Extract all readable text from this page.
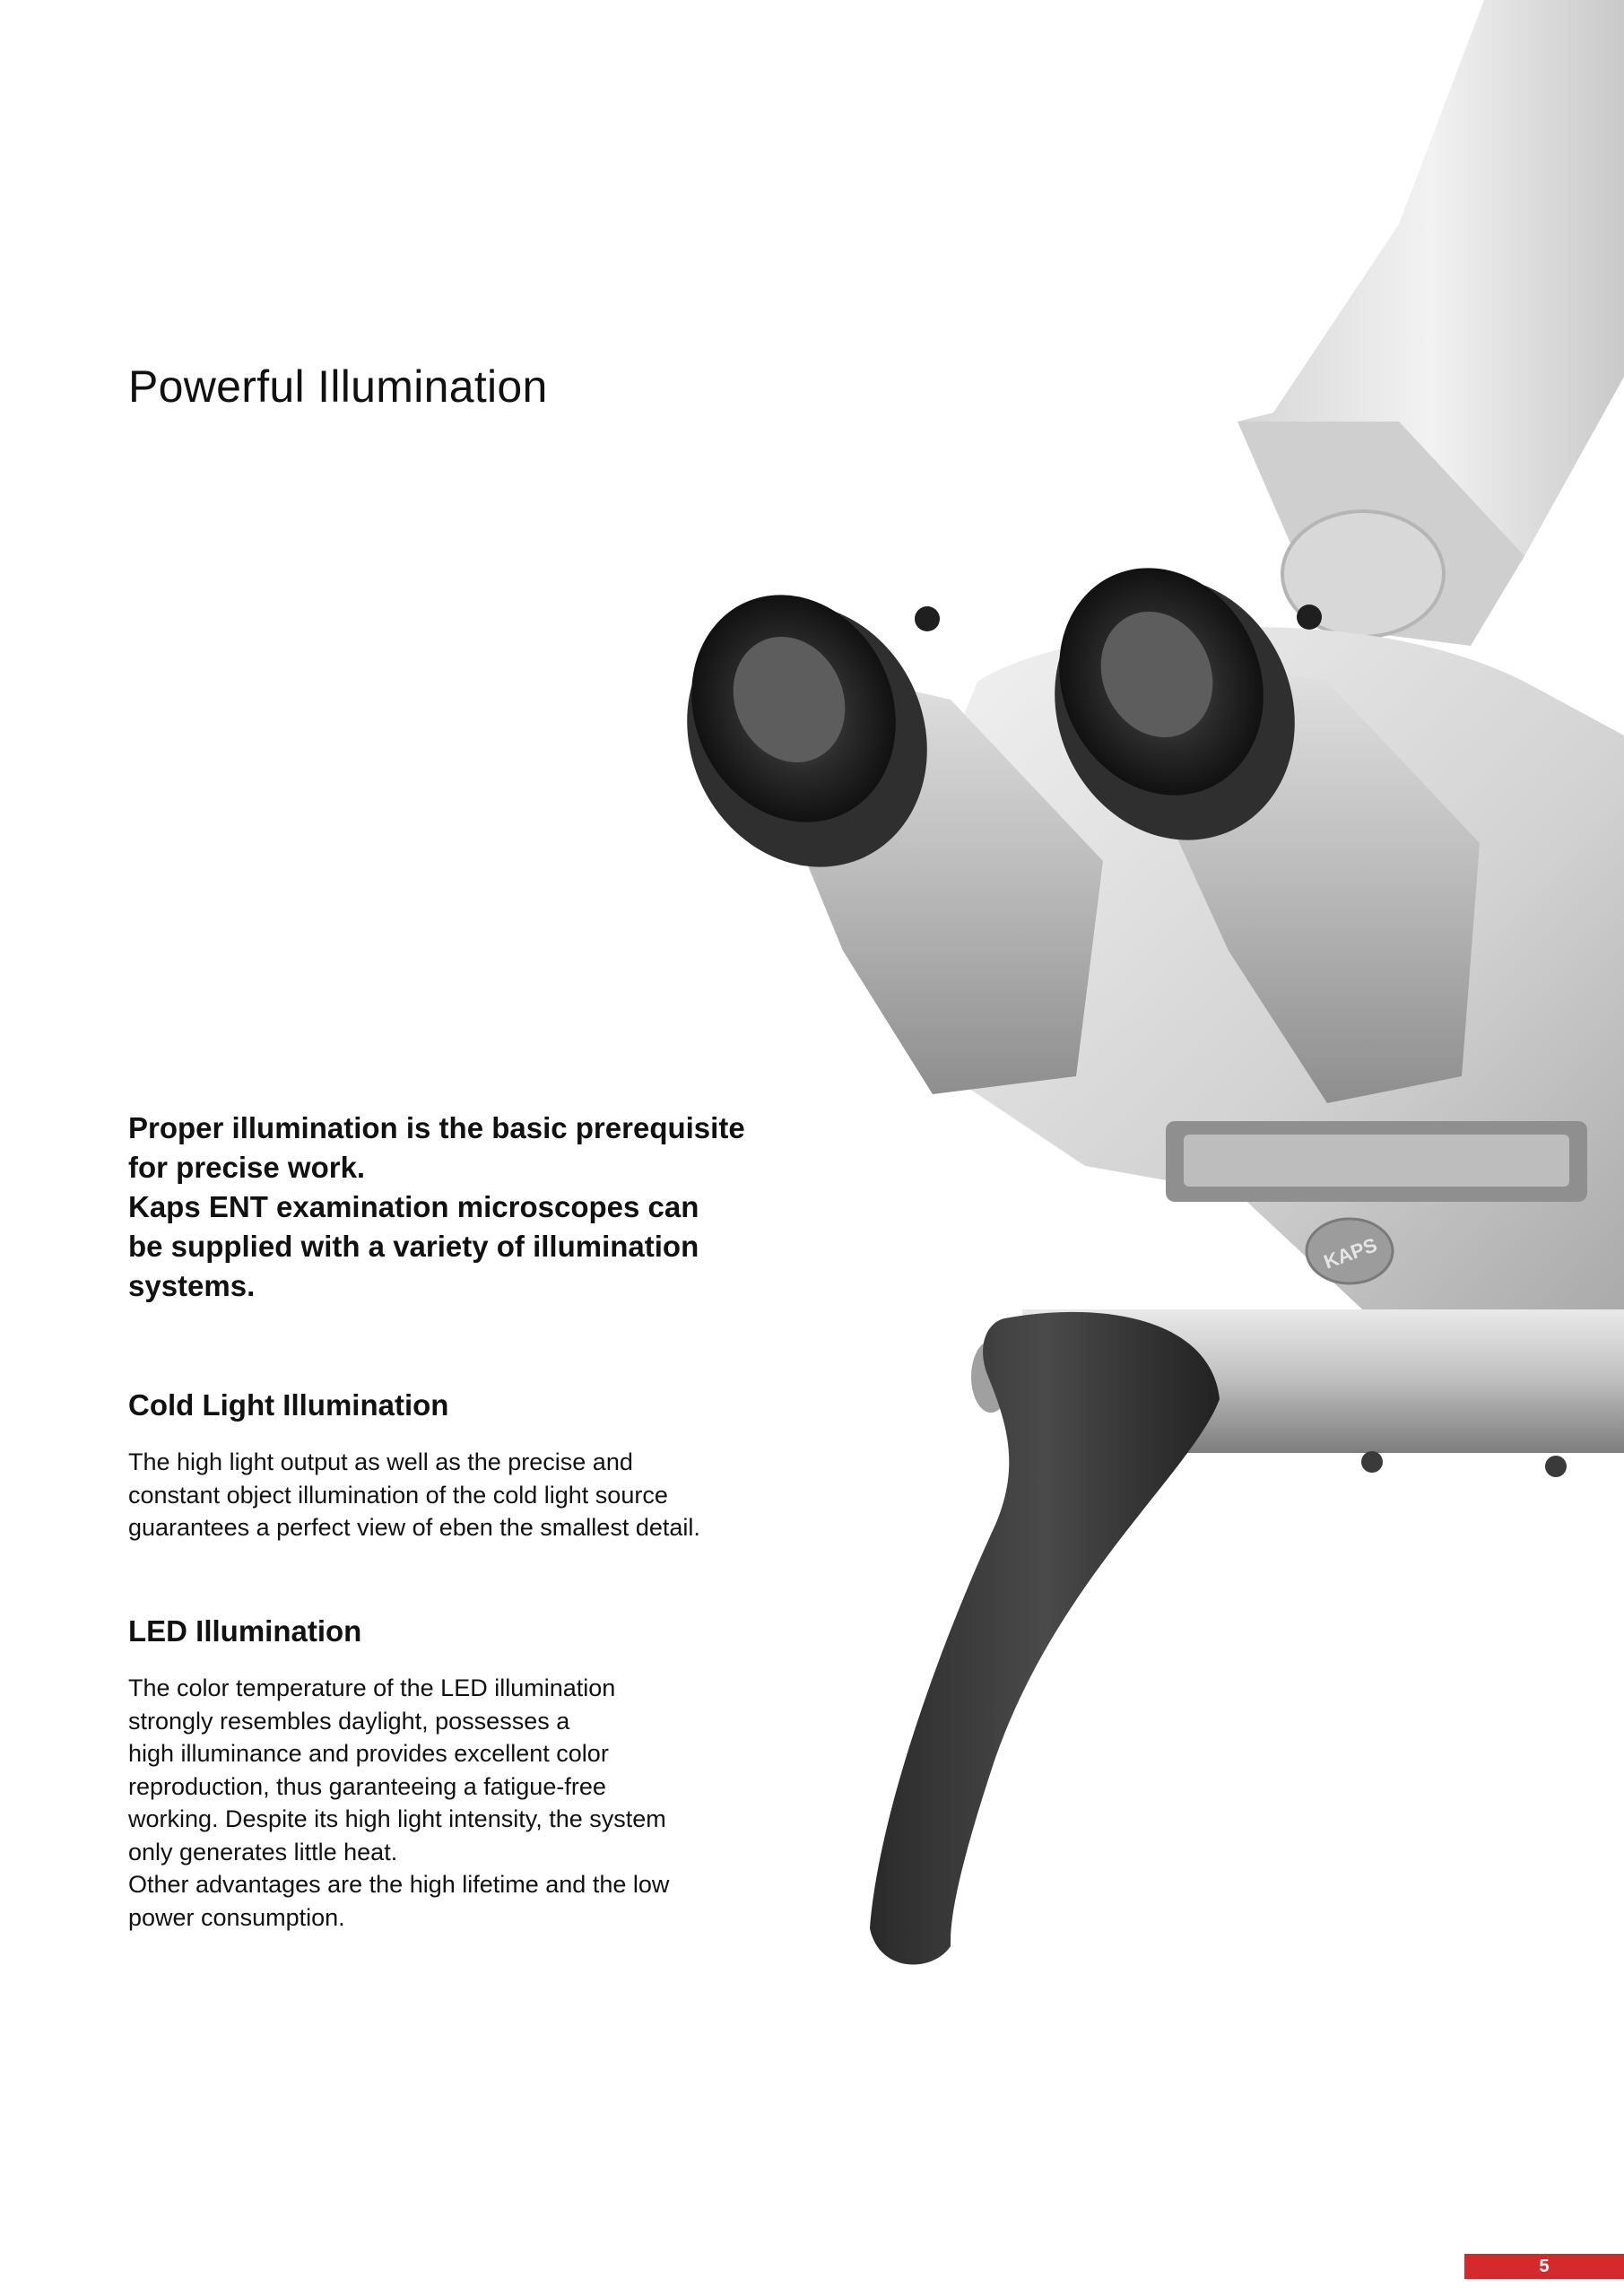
KAPS
Powerful Illumination

Proper illumination is the basic prerequisite
for precise work.
Kaps ENT examination microscopes can
be supplied with a variety of illumination
systems.

Cold Light Illumination

The high light output as well as the precise and
constant object illumination of the cold light source
guarantees a perfect view of eben the smallest detail.

LED Illumination

The color temperature of the LED illumination
strongly resembles daylight, possesses a
high illuminance and provides excellent color
reproduction, thus garanteeing a fatigue-free
working. Despite its high light intensity, the system
only generates little heat.
Other advantages are the high lifetime and the low
power consumption.

5
